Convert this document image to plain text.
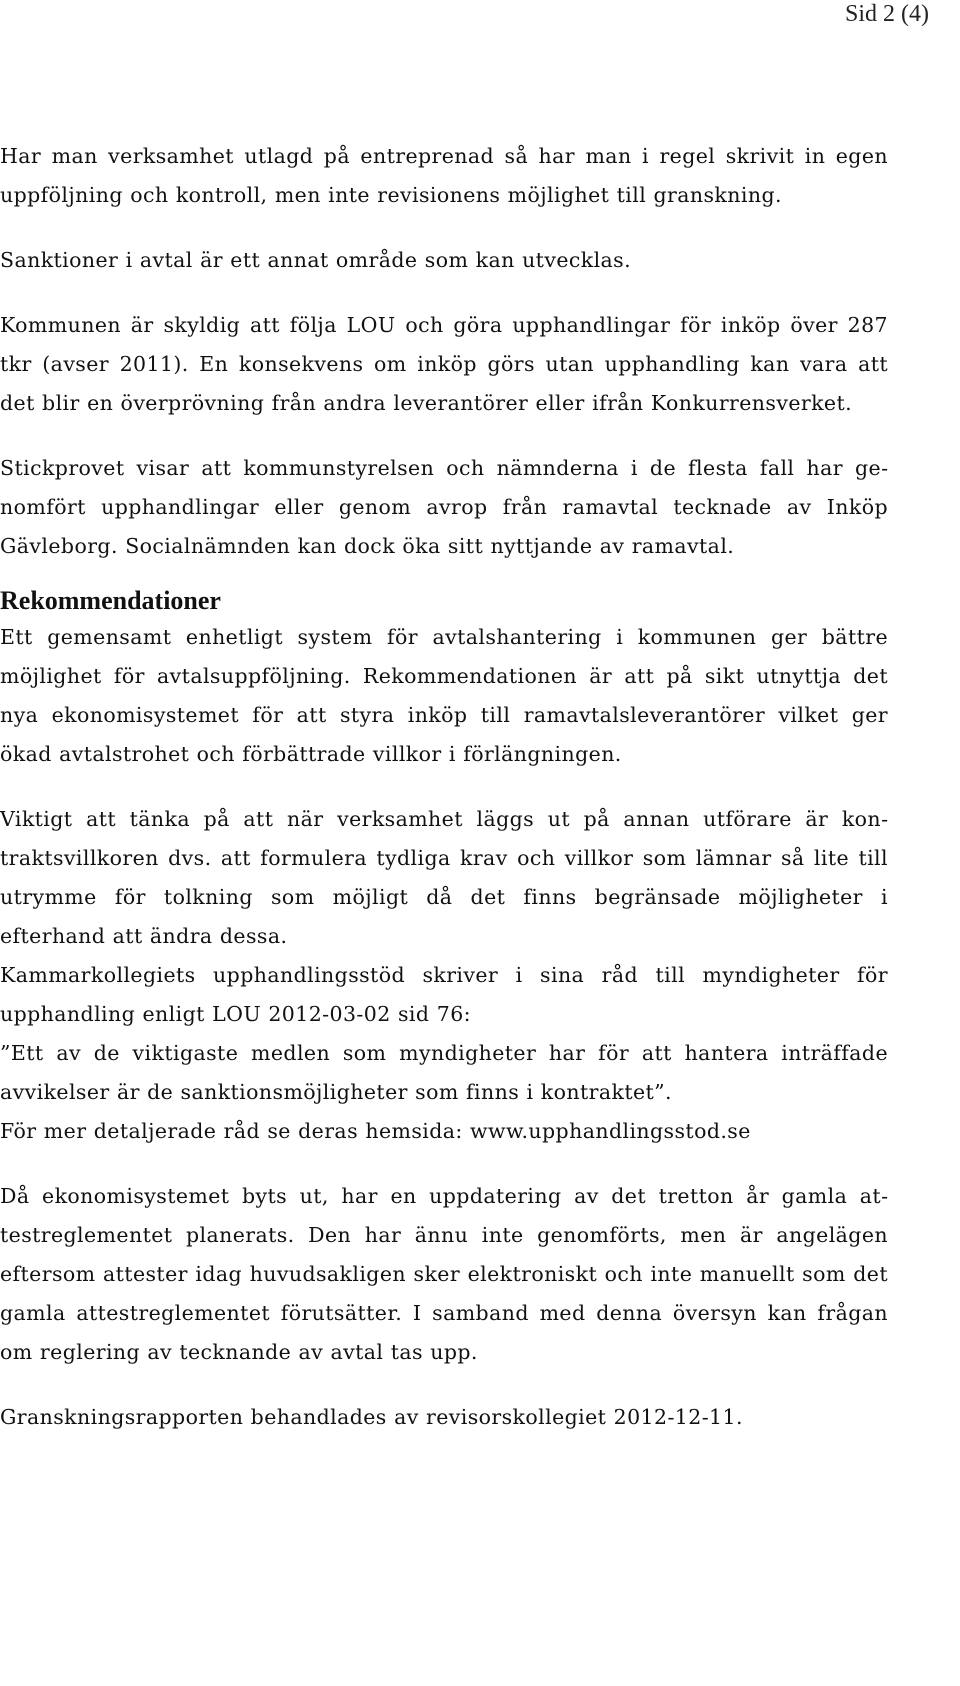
Sid 2 (4)

Har man verksamhet utlagd på entreprenad så har man i regel skrivit in egen uppföljning och kontroll, men inte revisionens möjlighet till granskning.

Sanktioner i avtal är ett annat område som kan utvecklas.

Kommunen är skyldig att följa LOU och göra upphandlingar för inköp över 287 tkr (avser 2011). En konsekvens om inköp görs utan upphandling kan vara att det blir en överprövning från andra leverantörer eller ifrån Konkurrensverket.

Stickprovet visar att kommunstyrelsen och nämnderna i de flesta fall har genomfört upphandlingar eller genom avrop från ramavtal tecknade av Inköp Gävleborg. Socialnämnden kan dock öka sitt nyttjande av ramavtal.

Rekommendationer

Ett gemensamt enhetligt system för avtalshantering i kommunen ger bättre möjlighet för avtalsuppföljning. Rekommendationen är att på sikt utnyttja det nya ekonomisystemet för att styra inköp till ramavtalsleverantörer vilket ger ökad avtalstrohet och förbättrade villkor i förlängningen.

Viktigt att tänka på att när verksamhet läggs ut på annan utförare är kontraktsvillkoren dvs. att formulera tydliga krav och villkor som lämnar så lite till utrymme för tolkning som möjligt då det finns begränsade möjligheter i efterhand att ändra dessa.

Kammarkollegiets upphandlingsstöd skriver i sina råd till myndigheter för upphandling enligt LOU 2012-03-02 sid 76:

”Ett av de viktigaste medlen som myndigheter har för att hantera inträffade avvikelser är de sanktionsmöjligheter som finns i kontraktet”.

För mer detaljerade råd se deras hemsida: www.upphandlingsstod.se

Då ekonomisystemet byts ut, har en uppdatering av det tretton år gamla attestreglementet planerats. Den har ännu inte genomförts, men är angelägen eftersom attester idag huvudsakligen sker elektroniskt och inte manuellt som det gamla attestreglementet förutsätter. I samband med denna översyn kan frågan om reglering av tecknande av avtal tas upp.

Granskningsrapporten behandlades av revisorskollegiet 2012-12-11.
